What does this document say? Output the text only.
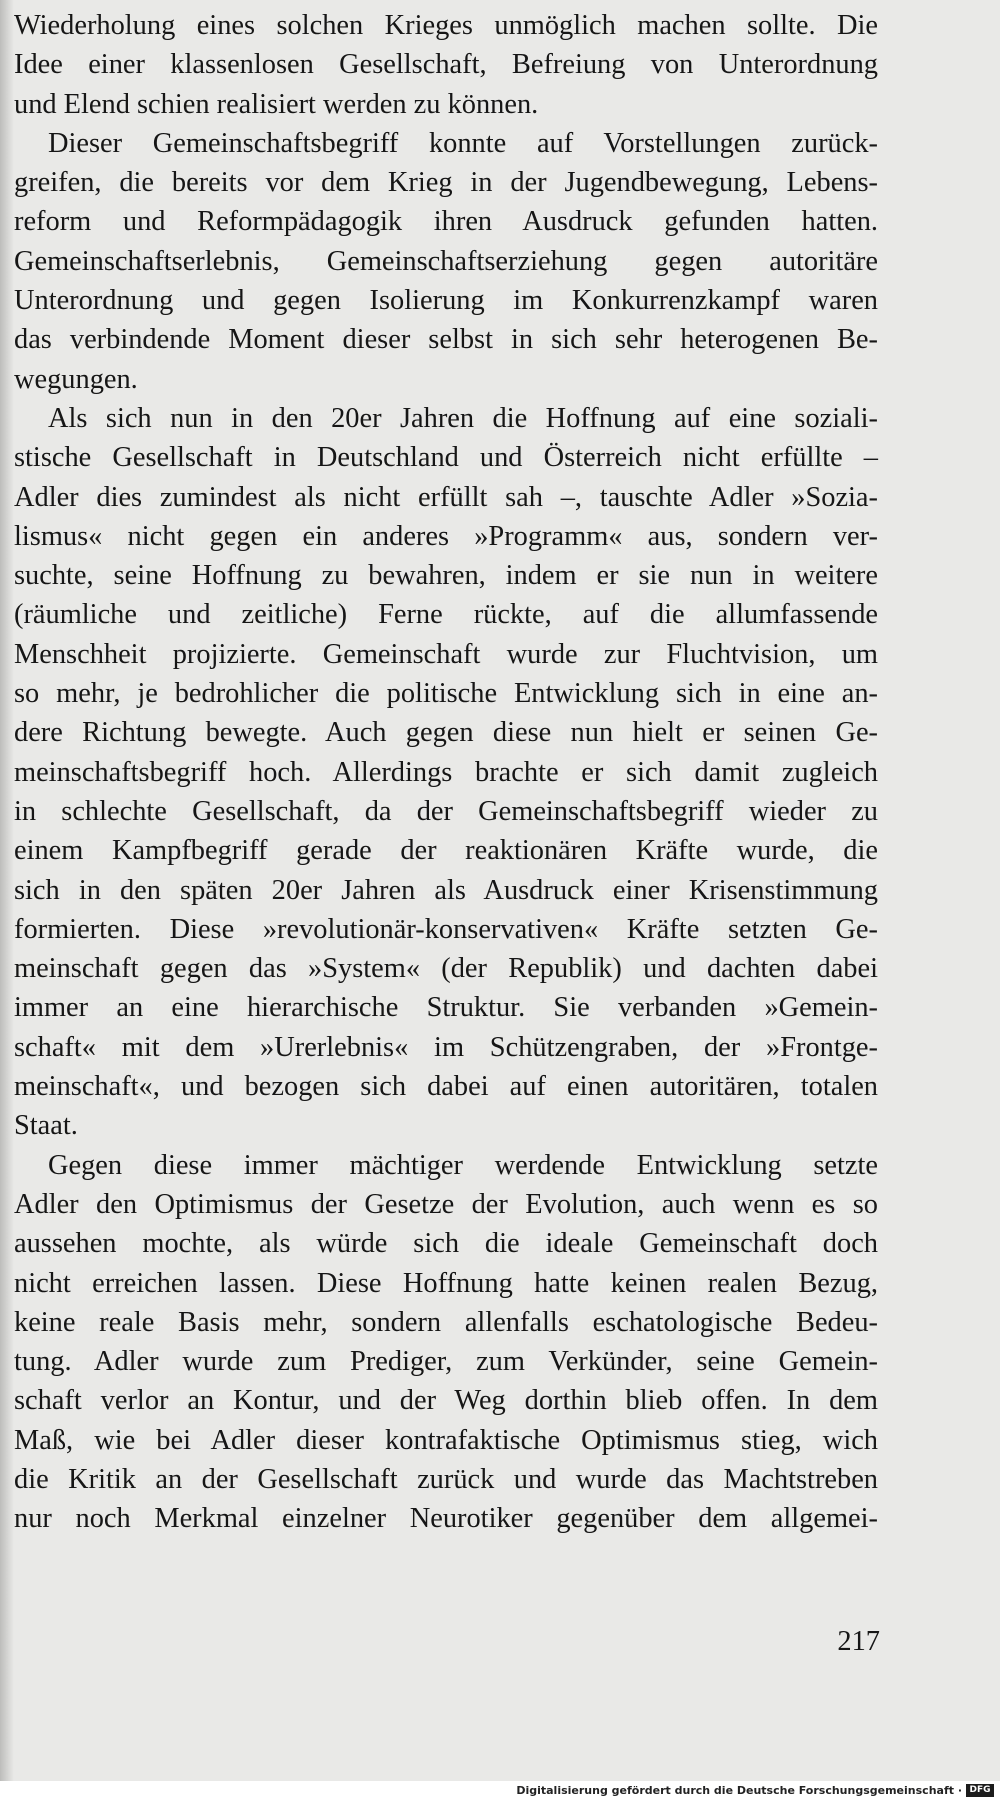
Wiederholung eines solchen Krieges unmöglich machen sollte. Die
Idee einer klassenlosen Gesellschaft, Befreiung von Unterordnung
und Elend schien realisiert werden zu können.
Dieser Gemeinschaftsbegriff konnte auf Vorstellungen zurück-
greifen, die bereits vor dem Krieg in der Jugendbewegung, Lebens-
reform und Reformpädagogik ihren Ausdruck gefunden hatten.
Gemeinschaftserlebnis, Gemeinschaftserziehung gegen autoritäre
Unterordnung und gegen Isolierung im Konkurrenzkampf waren
das verbindende Moment dieser selbst in sich sehr heterogenen Be-
wegungen.
Als sich nun in den 20er Jahren die Hoffnung auf eine soziali-
stische Gesellschaft in Deutschland und Österreich nicht erfüllte –
Adler dies zumindest als nicht erfüllt sah –, tauschte Adler »Sozia-
lismus« nicht gegen ein anderes »Programm« aus, sondern ver-
suchte, seine Hoffnung zu bewahren, indem er sie nun in weitere
(räumliche und zeitliche) Ferne rückte, auf die allumfassende
Menschheit projizierte. Gemeinschaft wurde zur Fluchtvision, um
so mehr, je bedrohlicher die politische Entwicklung sich in eine an-
dere Richtung bewegte. Auch gegen diese nun hielt er seinen Ge-
meinschaftsbegriff hoch. Allerdings brachte er sich damit zugleich
in schlechte Gesellschaft, da der Gemeinschaftsbegriff wieder zu
einem Kampfbegriff gerade der reaktionären Kräfte wurde, die
sich in den späten 20er Jahren als Ausdruck einer Krisenstimmung
formierten. Diese »revolutionär-konservativen« Kräfte setzten Ge-
meinschaft gegen das »System« (der Republik) und dachten dabei
immer an eine hierarchische Struktur. Sie verbanden »Gemein-
schaft« mit dem »Urerlebnis« im Schützengraben, der »Frontge-
meinschaft«, und bezogen sich dabei auf einen autoritären, totalen
Staat.
Gegen diese immer mächtiger werdende Entwicklung setzte
Adler den Optimismus der Gesetze der Evolution, auch wenn es so
aussehen mochte, als würde sich die ideale Gemeinschaft doch
nicht erreichen lassen. Diese Hoffnung hatte keinen realen Bezug,
keine reale Basis mehr, sondern allenfalls eschatologische Bedeu-
tung. Adler wurde zum Prediger, zum Verkünder, seine Gemein-
schaft verlor an Kontur, und der Weg dorthin blieb offen. In dem
Maß, wie bei Adler dieser kontrafaktische Optimismus stieg, wich
die Kritik an der Gesellschaft zurück und wurde das Machtstreben
nur noch Merkmal einzelner Neurotiker gegenüber dem allgemei-
217
Digitalisierung gefördert durch die Deutsche Forschungsgemeinschaft · DFG
